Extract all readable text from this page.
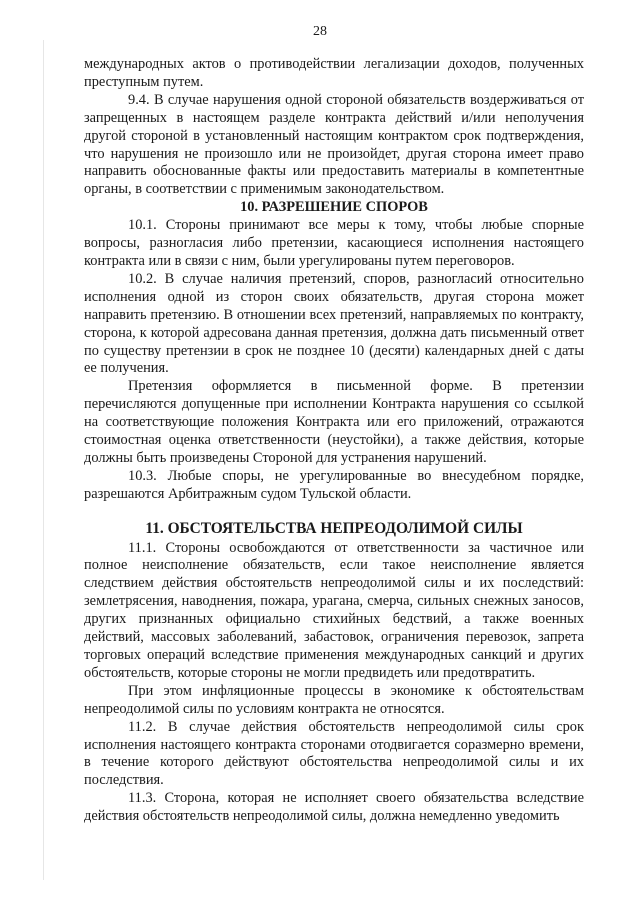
28

международных актов о противодействии легализации доходов, полученных преступным путем.

9.4. В случае нарушения одной стороной обязательств воздерживаться от запрещенных в настоящем разделе контракта действий и/или неполучения другой стороной в установленный настоящим контрактом срок подтверждения, что нарушения не произошло или не произойдет, другая сторона имеет право направить обоснованные факты или предоставить материалы в компетентные органы, в соответствии с применимым законодательством.

10. РАЗРЕШЕНИЕ СПОРОВ

10.1. Стороны принимают все меры к тому, чтобы любые спорные вопросы, разногласия либо претензии, касающиеся исполнения настоящего контракта или в связи с ним, были урегулированы путем переговоров.

10.2. В случае наличия претензий, споров, разногласий относительно исполнения одной из сторон своих обязательств, другая сторона может направить претензию. В отношении всех претензий, направляемых по контракту, сторона, к которой адресована данная претензия, должна дать письменный ответ по существу претензии в срок не позднее 10 (десяти) календарных дней с даты ее получения.

Претензия оформляется в письменной форме. В претензии перечисляются допущенные при исполнении Контракта нарушения со ссылкой на соответствующие положения Контракта или его приложений, отражаются стоимостная оценка ответственности (неустойки), а также действия, которые должны быть произведены Стороной для устранения нарушений.

10.3. Любые споры, не урегулированные во внесудебном порядке, разрешаются Арбитражным судом Тульской области.

11. ОБСТОЯТЕЛЬСТВА НЕПРЕОДОЛИМОЙ СИЛЫ

11.1. Стороны освобождаются от ответственности за частичное или полное неисполнение обязательств, если такое неисполнение является следствием действия обстоятельств непреодолимой силы и их последствий: землетрясения, наводнения, пожара, урагана, смерча, сильных снежных заносов, других признанных официально стихийных бедствий, а также военных действий, массовых заболеваний, забастовок, ограничения перевозок, запрета торговых операций вследствие применения международных санкций и других обстоятельств, которые стороны не могли предвидеть или предотвратить.

При этом инфляционные процессы в экономике к обстоятельствам непреодолимой силы по условиям контракта не относятся.

11.2. В случае действия обстоятельств непреодолимой силы срок исполнения настоящего контракта сторонами отодвигается соразмерно времени, в течение которого действуют обстоятельства непреодолимой силы и их последствия.

11.3. Сторона, которая не исполняет своего обязательства вследствие действия обстоятельств непреодолимой силы, должна немедленно уведомить
